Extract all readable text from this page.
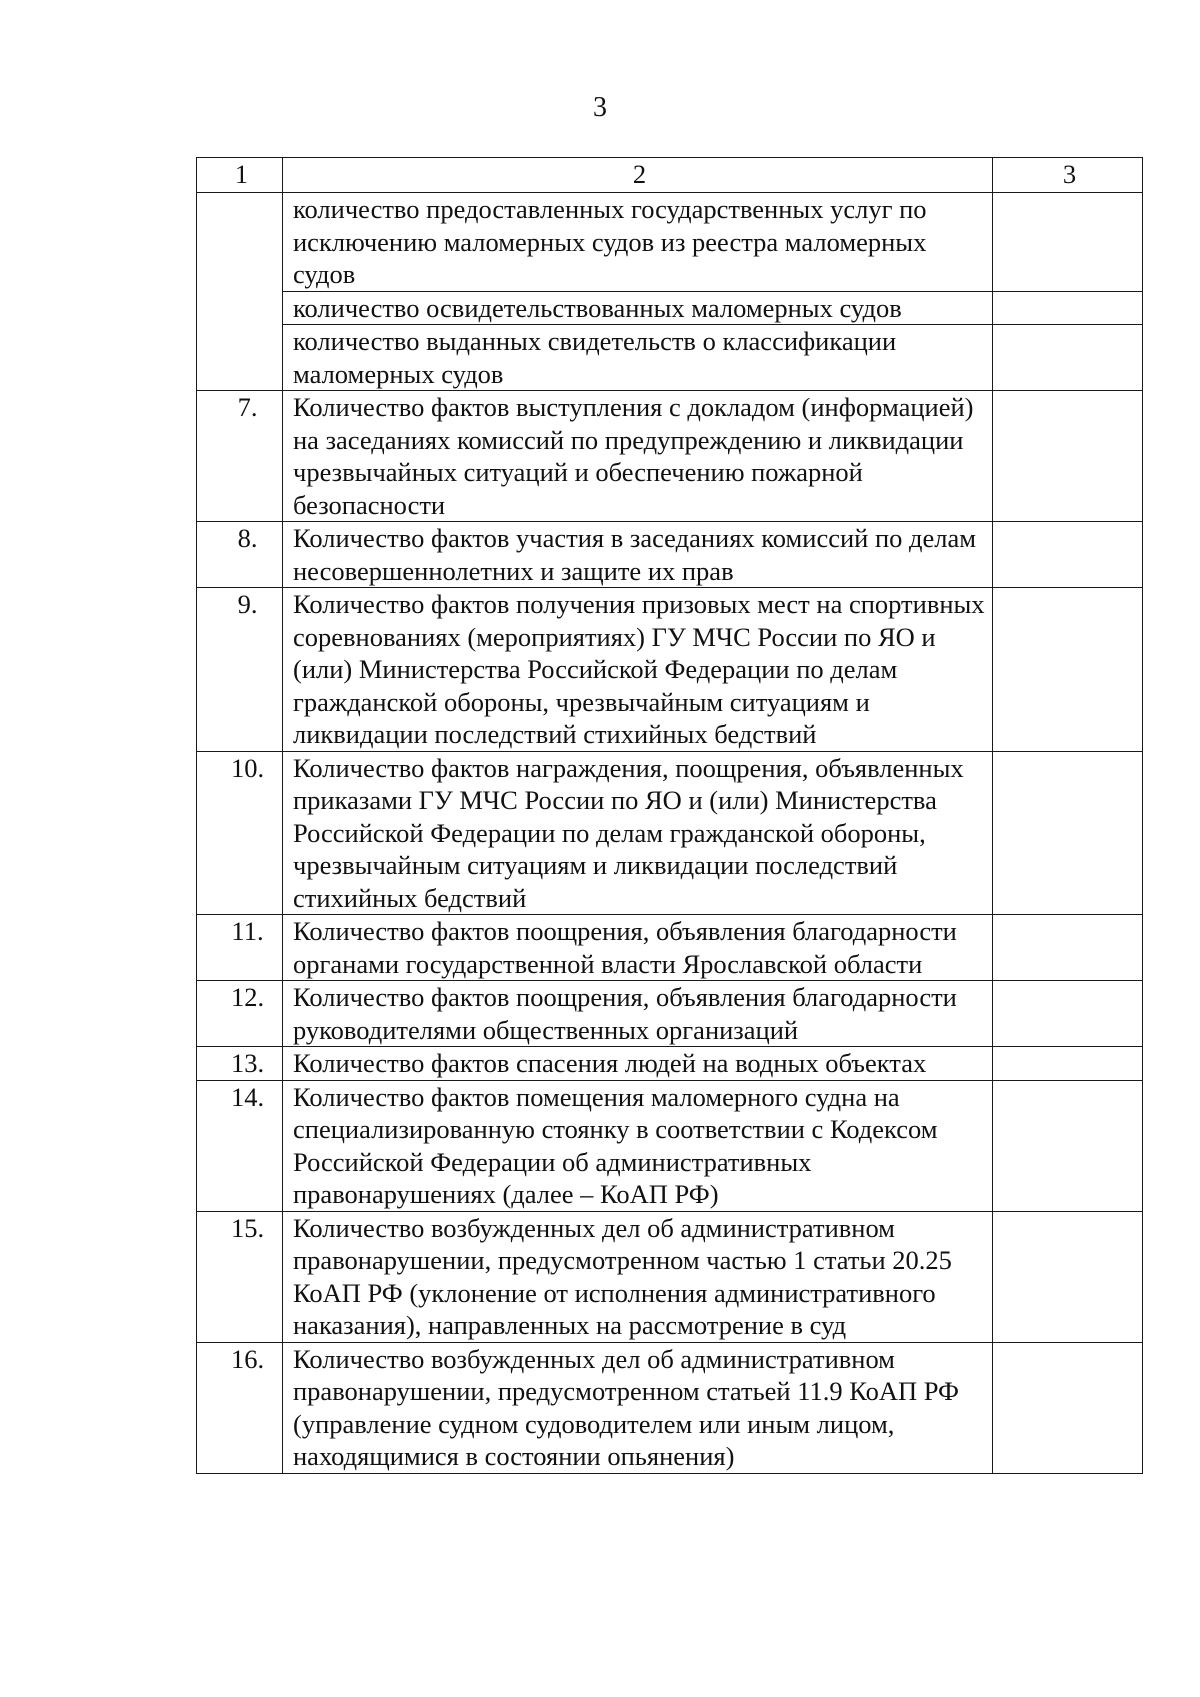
3
1	2	3
	количество предоставленных государственных услуг по исключению маломерных судов из реестра маломерных судов	
	количество освидетельствованных маломерных судов	
	количество выданных свидетельств о классификации маломерных судов	
7.	Количество фактов выступления с докладом (информацией) на заседаниях комиссий по предупреждению и ликвидации чрезвычайных ситуаций и обеспечению пожарной безопасности	
8.	Количество фактов участия в заседаниях комиссий по делам несовершеннолетних и защите их прав	
9.	Количество фактов получения призовых мест на спортивных соревнованиях (мероприятиях) ГУ МЧС России по ЯО и (или) Министерства Российской Федерации по делам гражданской обороны, чрезвычайным ситуациям и ликвидации последствий стихийных бедствий	
10.	Количество фактов награждения, поощрения, объявленных приказами ГУ МЧС России по ЯО и (или) Министерства Российской Федерации по делам гражданской обороны, чрезвычайным ситуациям и ликвидации последствий стихийных бедствий	
11.	Количество фактов поощрения, объявления благодарности органами государственной власти Ярославской области	
12.	Количество фактов поощрения, объявления благодарности руководителями общественных организаций	
13.	Количество фактов спасения людей на водных объектах	
14.	Количество фактов помещения маломерного судна на специализированную стоянку в соответствии с Кодексом Российской Федерации об административных правонарушениях (далее – КоАП РФ)	
15.	Количество возбужденных дел об административном правонарушении, предусмотренном частью 1 статьи 20.25 КоАП РФ (уклонение от исполнения административного наказания), направленных на рассмотрение в суд	
16.	Количество возбужденных дел об административном правонарушении, предусмотренном статьей 11.9 КоАП РФ (управление судном судоводителем или иным лицом, находящимися в состоянии опьянения)	
